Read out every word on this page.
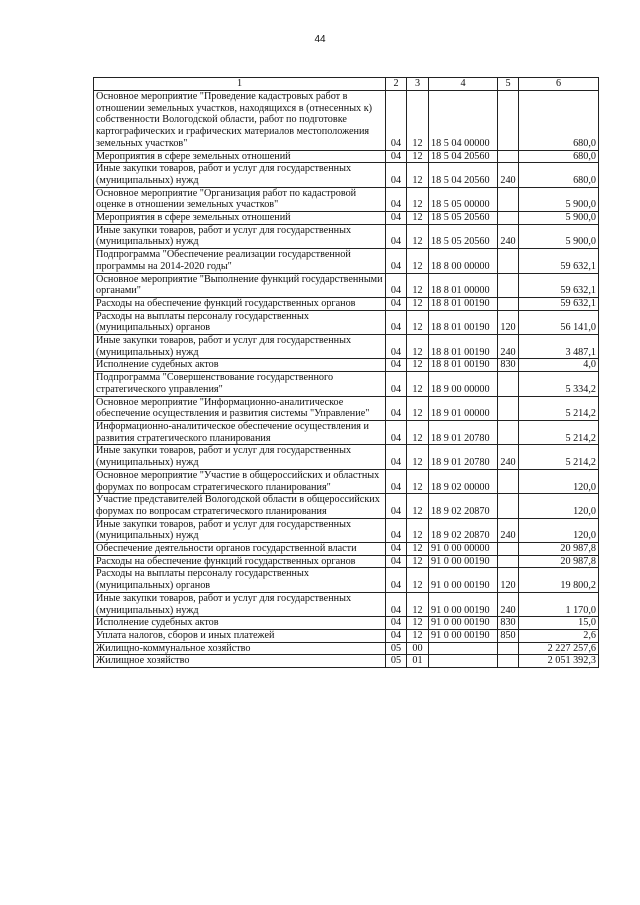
44
1	2	3	4	5	6
Основное мероприятие "Проведение кадастровых работ в отношении земельных участков, находящихся в (отнесенных к) собственности Вологодской области, работ по подготовке картографических и графических материалов местоположения земельных участков"	04	12	18 5 04 00000		680,0
Мероприятия в сфере земельных отношений	04	12	18 5 04 20560		680,0
Иные закупки товаров, работ и услуг для государственных (муниципальных) нужд	04	12	18 5 04 20560	240	680,0
Основное мероприятие "Организация работ по кадастровой оценке в отношении земельных участков"	04	12	18 5 05 00000		5 900,0
Мероприятия в сфере земельных отношений	04	12	18 5 05 20560		5 900,0
Иные закупки товаров, работ и услуг для государственных (муниципальных) нужд	04	12	18 5 05 20560	240	5 900,0
Подпрограмма "Обеспечение реализации государственной программы на 2014-2020 годы"	04	12	18 8 00 00000		59 632,1
Основное мероприятие "Выполнение функций государственными органами"	04	12	18 8 01 00000		59 632,1
Расходы на обеспечение функций государственных органов	04	12	18 8 01 00190		59 632,1
Расходы на выплаты персоналу государственных (муниципальных) органов	04	12	18 8 01 00190	120	56 141,0
Иные закупки товаров, работ и услуг для государственных (муниципальных) нужд	04	12	18 8 01 00190	240	3 487,1
Исполнение судебных актов	04	12	18 8 01 00190	830	4,0
Подпрограмма "Совершенствование государственного стратегического управления"	04	12	18 9 00 00000		5 334,2
Основное мероприятие "Информационно-аналитическое обеспечение осуществления и развития системы "Управление"	04	12	18 9 01 00000		5 214,2
Информационно-аналитическое обеспечение осуществления и развития стратегического планирования	04	12	18 9 01 20780		5 214,2
Иные закупки товаров, работ и услуг для государственных (муниципальных) нужд	04	12	18 9 01 20780	240	5 214,2
Основное мероприятие "Участие в общероссийских и областных форумах по вопросам стратегического планирования"	04	12	18 9 02 00000		120,0
Участие представителей Вологодской области в общероссийских форумах по вопросам стратегического планирования	04	12	18 9 02 20870		120,0
Иные закупки товаров, работ и услуг для государственных (муниципальных) нужд	04	12	18 9 02 20870	240	120,0
Обеспечение деятельности органов государственной власти	04	12	91 0 00 00000		20 987,8
Расходы на обеспечение функций государственных органов	04	12	91 0 00 00190		20 987,8
Расходы на выплаты персоналу государственных (муниципальных) органов	04	12	91 0 00 00190	120	19 800,2
Иные закупки товаров, работ и услуг для государственных (муниципальных) нужд	04	12	91 0 00 00190	240	1 170,0
Исполнение судебных актов	04	12	91 0 00 00190	830	15,0
Уплата налогов, сборов и иных платежей	04	12	91 0 00 00190	850	2,6
Жилищно-коммунальное хозяйство	05	00			2 227 257,6
Жилищное хозяйство	05	01			2 051 392,3
